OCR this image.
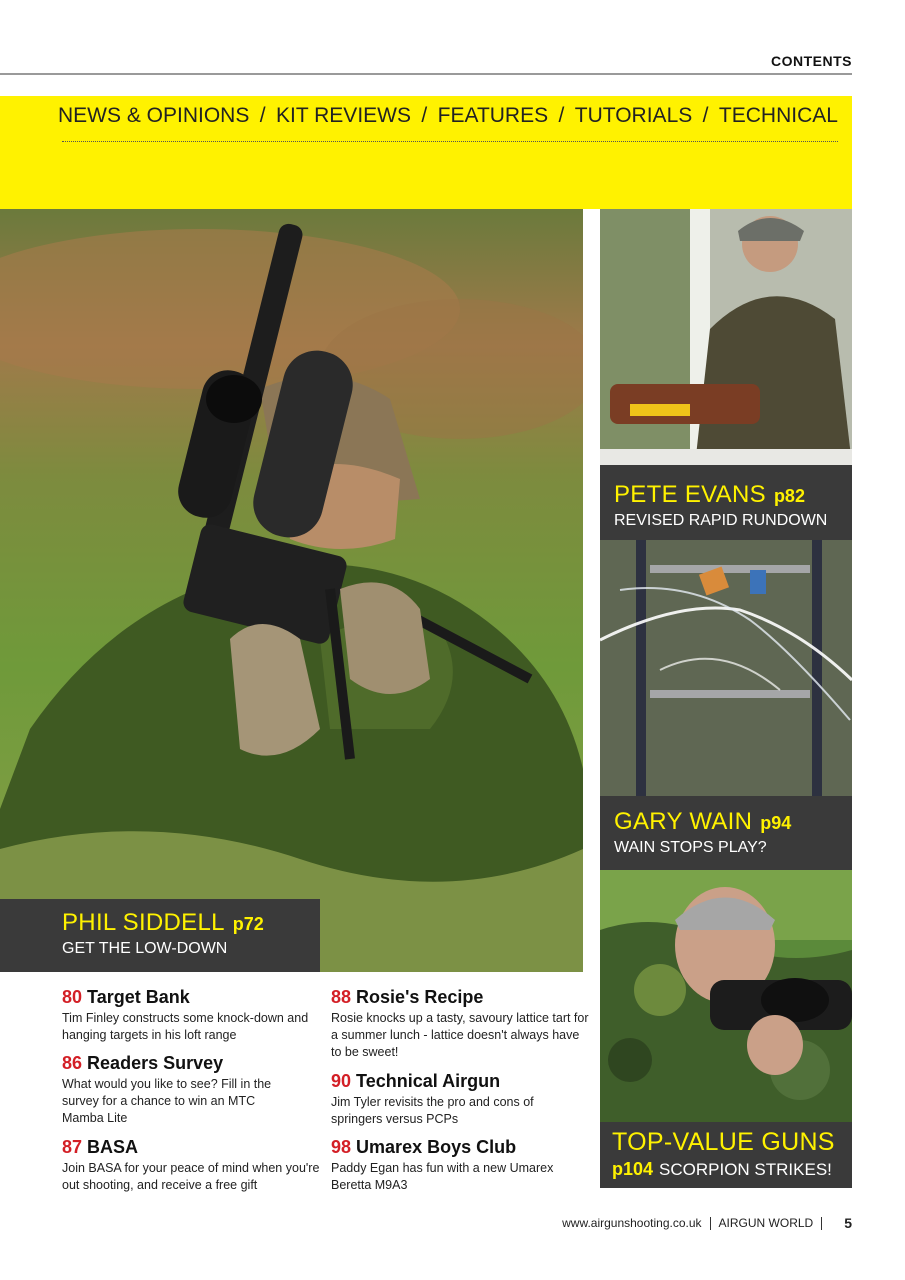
CONTENTS
NEWS & OPINIONS / KIT REVIEWS / FEATURES / TUTORIALS / TECHNICAL
PHIL SIDDELL p72
GET THE LOW-DOWN
PETE EVANS p82
REVISED RAPID RUNDOWN
GARY WAIN p94
WAIN STOPS PLAY?
TOP-VALUE GUNS
p104 SCORPION STRIKES!
80 Target Bank
Tim Finley constructs some knock-down and hanging targets in his loft range
86 Readers Survey
What would you like to see? Fill in the survey for a chance to win an MTC Mamba Lite
87 BASA
Join BASA for your peace of mind when you're out shooting, and receive a free gift
88 Rosie's Recipe
Rosie knocks up a tasty, savoury lattice tart for a summer lunch - lattice doesn't always have to be sweet!
90 Technical Airgun
Jim Tyler revisits the pro and cons of springers versus PCPs
98 Umarex Boys Club
Paddy Egan has fun with a new Umarex Beretta M9A3
www.airgunshooting.co.uk AIRGUN WORLD 5
